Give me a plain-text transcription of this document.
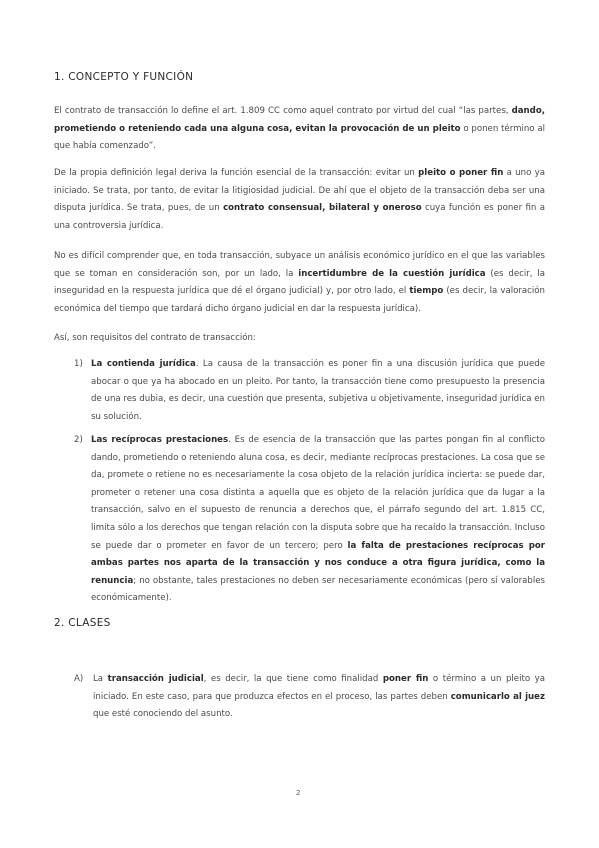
1. CONCEPTO Y FUNCIÓN
El contrato de transacción lo define el art. 1.809 CC como aquel contrato por virtud del cual “las partes, dando, prometiendo o reteniendo cada una alguna cosa, evitan la provocación de un pleito o ponen término al que había comenzado”.
De la propia definición legal deriva la función esencial de la transacción: evitar un pleito o poner fin a uno ya iniciado. Se trata, por tanto, de evitar la litigiosidad judicial. De ahí que el objeto de la transacción deba ser una disputa jurídica. Se trata, pues, de un contrato consensual, bilateral y oneroso cuya función es poner fin a una controversia jurídica.
No es difícil comprender que, en toda transacción, subyace un análisis económico jurídico en el que las variables que se toman en consideración son, por un lado, la incertidumbre de la cuestión jurídica (es decir, la inseguridad en la respuesta jurídica que dé el órgano judicial) y, por otro lado, el tiempo (es decir, la valoración económica del tiempo que tardará dicho órgano judicial en dar la respuesta jurídica).
Así, son requisitos del contrato de transacción:
1) La contienda jurídica. La causa de la transacción es poner fin a una discusión jurídica que puede abocar o que ya ha abocado en un pleito. Por tanto, la transacción tiene como presupuesto la presencia de una res dubia, es decir, una cuestión que presenta, subjetiva u objetivamente, inseguridad jurídica en su solución.
2) Las recíprocas prestaciones. Es de esencia de la transacción que las partes pongan fin al conflicto dando, prometiendo o reteniendo aluna cosa, es decir, mediante recíprocas prestaciones. La cosa que se da, promete o retiene no es necesariamente la cosa objeto de la relación jurídica incierta: se puede dar, prometer o retener una cosa distinta a aquella que es objeto de la relación jurídica que da lugar a la transacción, salvo en el supuesto de renuncia a derechos que, el párrafo segundo del art. 1.815 CC, limita sólo a los derechos que tengan relación con la disputa sobre que ha recaído la transacción. Incluso se puede dar o prometer en favor de un tercero; pero la falta de prestaciones recíprocas por ambas partes nos aparta de la transacción y nos conduce a otra figura jurídica, como la renuncia; no obstante, tales prestaciones no deben ser necesariamente económicas (pero sí valorables económicamente).
2. CLASES
A) La transacción judicial, es decir, la que tiene como finalidad poner fin o término a un pleito ya iniciado. En este caso, para que produzca efectos en el proceso, las partes deben comunicarlo al juez que esté conociendo del asunto.
2
